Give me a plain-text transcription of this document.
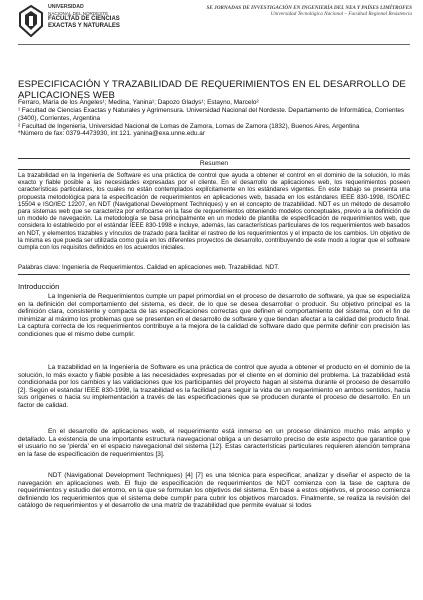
UNIVERSIDAD
NACIONAL DEL NORDESTE
FACULTAD DE CIENCIAS
EXACTAS Y NATURALES
SE JORNADAS DE INVESTIGACIÓN EN INGENIERÍA DEL NEA Y PAÍSES LIMÍTROFES
Universidad Tecnológica Nacional – Facultad Regional Resistencia
ESPECIFICACIÓN Y TRAZABILIDAD DE REQUERIMIENTOS EN EL DESARROLLO DE APLICACIONES WEB
Ferraro, María de los Ángeles¹; Medina, Yanina¹; Dapozo Gladys¹; Estayno, Marcelo²

¹ Facultad de Ciencias Exactas y Naturales y Agrimensura. Universidad Nacional del Nordeste. Departamento de Informática, Corrientes (3400), Corrientes, Argentina

² Facultad de Ingeniería, Universidad Nacional de Lomas de Zamora, Lomas de Zamora (1832), Buenos Aires, Argentina

*Número de fax: 0379-4473930, int 121. yanina@exa.unne.edu.ar

Resumen

La trazabilidad en la Ingeniería de Software es una práctica de control que ayuda a obtener el control en el dominio de la solución, lo más exacto y fiable posible a las necesidades expresadas por el cliente. En el desarrollo de aplicaciones web, los requerimientos poseen características particulares, los cuales no están contemplados explícitamente en los estándares vigentes. En este trabajo se presenta una propuesta metodológica para la especificación de requerimientos en aplicaciones web, basada en los estándares IEEE 830-1998, ISO/IEC 15504 e ISO/IEC 12207, en NDT (Navigational Development Techniques) y en el concepto de trazabilidad. NDT es un método de desarrollo para sistemas web que se caracteriza por enfocarse en la fase de requerimientos obteniendo modelos conceptuales, previo a la definición de un modelo de navegación. La metodología se basa principalmente en un modelo de plantilla de especificación de requerimientos web, que considera lo establecido por el estándar IEEE 830-1998 e incluye, además, las características particulares de los requerimientos web basados en NDT, y elementos trazables y vínculos de trazado para facilitar el rastreo de los requerimientos y el impacto de los cambios. Un objetivo de la misma es que pueda ser utilizada como guía en los diferentes proyectos de desarrollo, contribuyendo de este modo a lograr que el software cumpla con los requisitos definidos en los acuerdos iniciales.

Palabras clave: Ingeniería de Requerimientos. Calidad en aplicaciones web. Trazabilidad. NDT.

Introducción

La Ingeniería de Requerimientos cumple un papel primordial en el proceso de desarrollo de software, ya que se especializa en la definición del comportamiento del sistema, es decir, de lo que se desea desarrollar o producir. Su objetivo principal es la definición clara, consistente y compacta de las especificaciones correctas que definen el comportamiento del sistema, con el fin de minimizar al máximo los problemas que se presenten en el desarrollo de software y que tiendan afectar a la calidad del producto final. La captura correcta de los requerimientos contribuye a la mejora de la calidad de software dado que permite definir con precisión las condiciones que el mismo debe cumplir.

La trazabilidad en la Ingeniería de Software es una práctica de control que ayuda a obtener el producto en el dominio de la solución, lo más exacto y fiable posible a las necesidades expresadas por el cliente en el dominio del problema. La trazabilidad está condicionada por los cambios y las validaciones que los participantes del proyecto hagan al sistema durante el proceso de desarrollo [2]. Según el estándar IEEE 830-1998, la trazabilidad es la facilidad para seguir la vida de un requerimiento en ambos sentidos, hacia sus orígenes o hacia su implementación a través de las especificaciones que se producen durante el proceso de desarrollo. En un factor de calidad.

En el desarrollo de aplicaciones web, el requerimiento está inmerso en un proceso dinámico mucho más amplio y detallado. La existencia de una importante estructura navegacional obliga a un desarrollo preciso de este aspecto que garantice que el usuario no se 'pierda' en el espacio navegacional del sistema [12]. Estas características particulares requieren atención temprana en la fase de especificación de requerimientos [3].

NDT (Navigational Development Techniques) [4] [7] es una técnica para especificar, analizar y diseñar el aspecto de la navegación en aplicaciones web. El flujo de especificación de requerimientos de NDT comienza con la fase de captura de requerimientos y estudio del entorno, en la que se formulan los objetivos del sistema. En base a estos objetivos, el proceso comienza definiendo los requerimientos que el sistema debe cumplir para cubrir los objetivos marcados. Finalmente, se realiza la revisión del catálogo de requerimientos y el desarrollo de una matriz de trazabilidad que permite evaluar si todos
